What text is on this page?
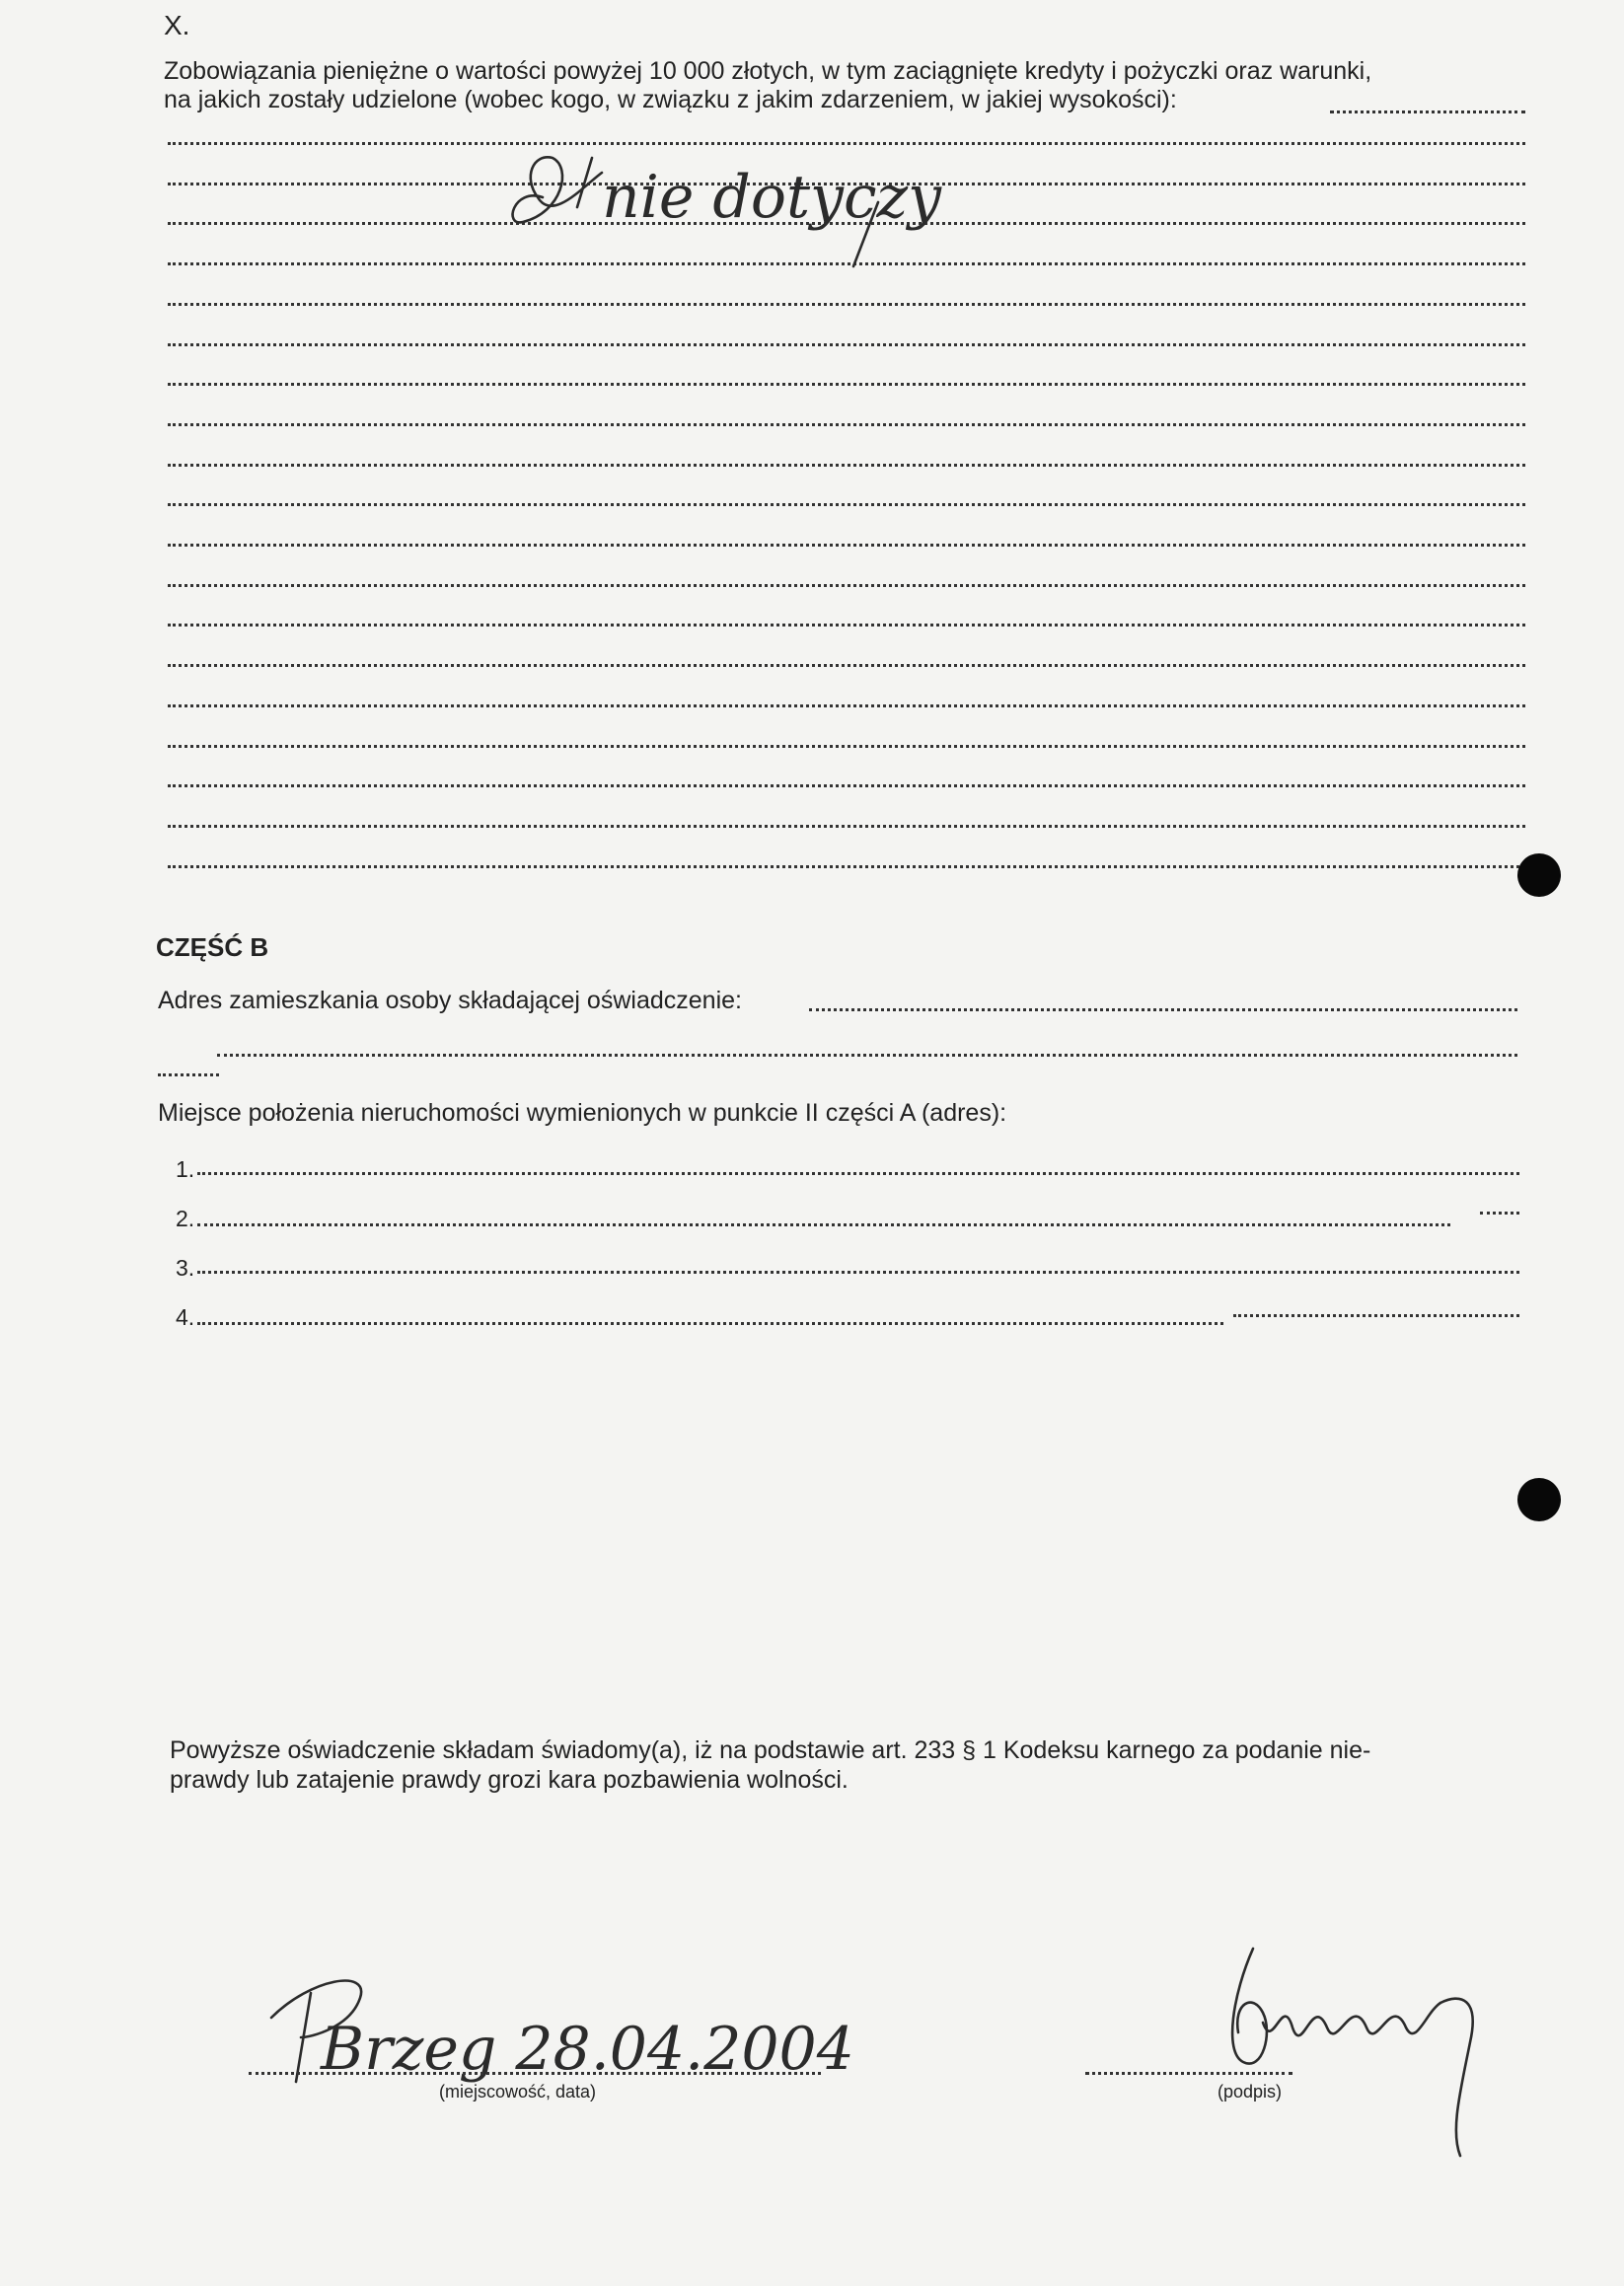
X.
Zobowiązania pieniężne o wartości powyżej 10 000 złotych, w tym zaciągnięte kredyty i pożyczki oraz warunki,
na jakich zostały udzielone (wobec kogo, w związku z jakim zdarzeniem, w jakiej wysokości):
nie dotyczy
CZĘŚĆ B
Adres zamieszkania osoby składającej oświadczenie:
Miejsce położenia nieruchomości wymienionych w punkcie II części A (adres):
1.
2.
3.
4.
Powyższe oświadczenie składam świadomy(a), iż na podstawie art. 233 § 1 Kodeksu karnego za podanie nie-
prawdy lub zatajenie prawdy grozi kara pozbawienia wolności.
Brzeg 28.04.2004
(miejscowość, data)	(podpis)
